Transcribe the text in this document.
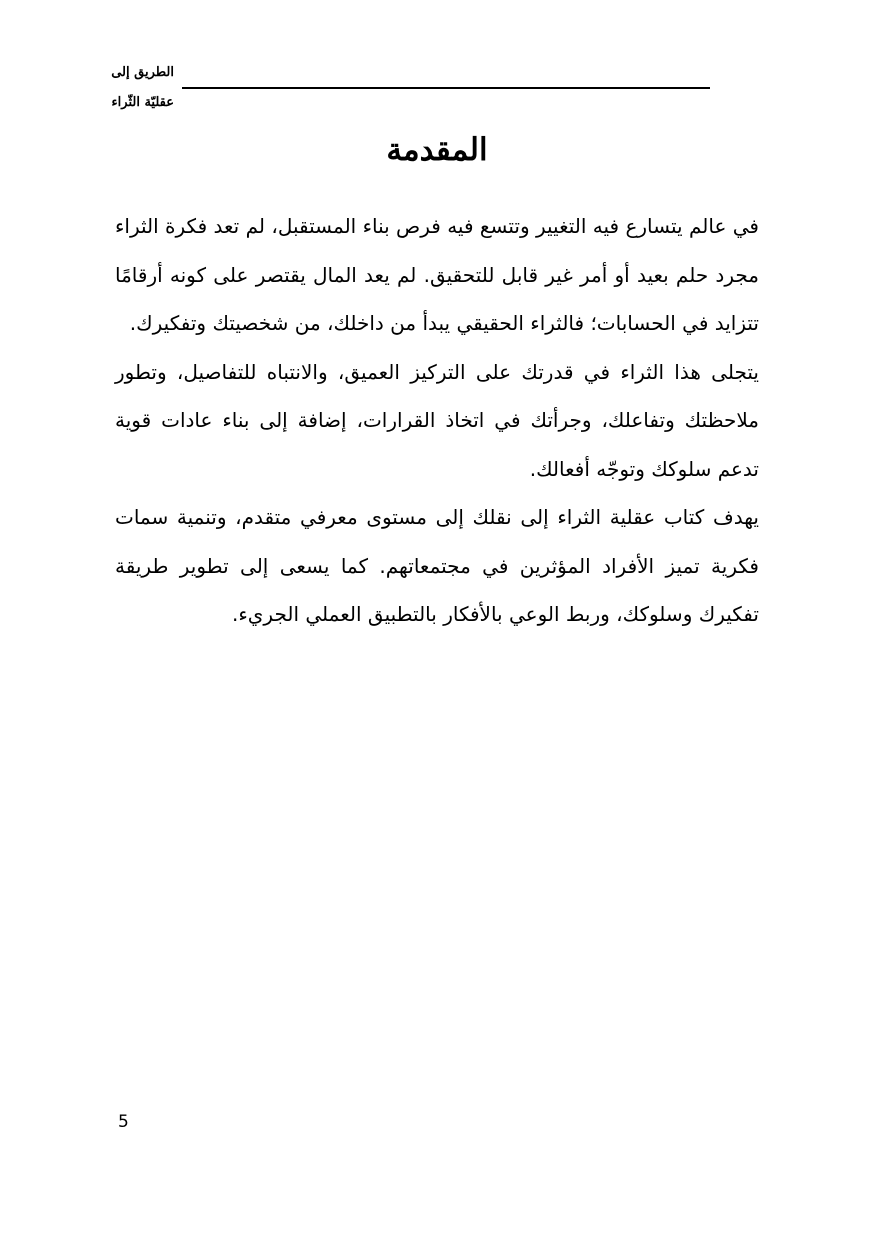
الطريق إلى
عقليّة الثّراء
المقدمة

في عالم يتسارع فيه التغيير وتتسع فيه فرص بناء المستقبل، لم تعد فكرة الثراء مجرد حلم بعيد أو أمر غير قابل للتحقيق. لم يعد المال يقتصر على كونه أرقامًا تتزايد في الحسابات؛ فالثراء الحقيقي يبدأ من داخلك، من شخصيتك وتفكيرك.

يتجلى هذا الثراء في قدرتك على التركيز العميق، والانتباه للتفاصيل، وتطور ملاحظتك وتفاعلك، وجرأتك في اتخاذ القرارات، إضافة إلى بناء عادات قوية تدعم سلوكك وتوجّه أفعالك.

يهدف كتاب عقلية الثراء إلى نقلك إلى مستوى معرفي متقدم، وتنمية سمات فكرية تميز الأفراد المؤثرين في مجتمعاتهم. كما يسعى إلى تطوير طريقة تفكيرك وسلوكك، وربط الوعي بالأفكار بالتطبيق العملي الجريء.

5
